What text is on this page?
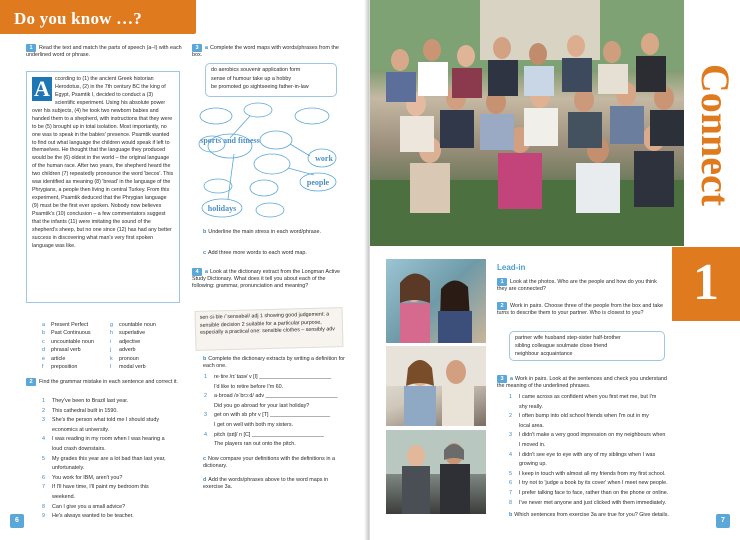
Do you know …?
1 Read the text and match the parts of speech (a–l) with each underlined word or phrase.
A ccording to (1) the ancient Greek historian Herodotus, (2) in the 7th century BC the king of Egypt, Psamtik I, decided to conduct a (3) scientific experiment. Using his absolute power over his subjects, (4) he took two newborn babies and handed them to a shepherd, with instructions that they were to be (5) brought up in total isolation. Most importantly, no one was to speak in the babies' presence. Psamtik wanted to find out what language the children would speak if left to themselves. He thought that the language they produced would be the (6) oldest in the world – the original language of the human race. After two years, the shepherd heard the two children (7) repeatedly pronounce the word 'becos'. This was identified as meaning (8) 'bread' in the language of the Phrygians, a people then living in central Turkey. From this experiment, Psamtik deduced that the Phrygian language (9) must be the first ever spoken. Nobody now believes Psamtik's (10) conclusion – a few commentators suggest that the infants (11) were imitating the sound of the shepherd's sheep, but no one since (12) has had any better success in discovering what man's very first spoken language was like.

a Present Perfect	g countable noun
b Past Continuous	h superlative
c uncountable noun	i adjective
d phrasal verb	j adverb
e article	k pronoun
f preposition	l modal verb
2 Find the grammar mistake in each sentence and correct it.
1 They've been to Brazil last year.
2 This cathedral built in 1590.
3 She's the person what told me I should study
economics at university.
4 I was reading in my room when I was hearing a
loud crash downstairs.
5 My grades this year are a lot bad than last year,
unfortunately.
6 You work for IBM, aren't you?
7 If I'll have time, I'll paint my bedroom this
weekend.
8 Can I give you a small advice?
9 He's always wanted to be teacher.
6
3 a Complete the word maps with words/phrases from the box.
do aerobics souvenir application form
sense of humour take up a hobby
be promoted go sightseeing father-in-law
sports and fitness
work
people
holidays
b Underline the main stress in each word/phrase.
c Add three more words to each word map.
4 a Look at the dictionary extract from the Longman Active Study Dictionary. What does it tell you about each of the following: grammar, pronunciation and meaning?
sen·si·ble /ˈsensəbəl/ adj 1 showing good judgement: a sensible decision 2 suitable for a particular purpose, especially a practical one: sensible clothes – sensibly adv
b Complete the dictionary extracts by writing a definition for each one.
1 re·tire /rɪˈtaɪə/ v [I] ________________________
I'd like to retire before I'm 60.
2 a·broad /əˈbrɔːd/ adv ________________________
Did you go abroad for your last holiday?
3 get on with sb phr v [T] ____________________
I get on well with both my sisters.
4 pitch /pɪtʃ/ n [C] ________________________
The players ran out onto the pitch.
c Now compare your definitions with the definitions in a dictionary.
d Add the words/phrases above to the word maps in exercise 3a.
Connect
1
Lead-in
1 Look at the photos. Who are the people and how do you think they are connected?
2 Work in pairs. Choose three of the people from the box and take turns to describe them to your partner. Who is closest to you?
partner wife husband step-sister half-brother
sibling colleague soulmate close friend
neighbour acquaintance
3 a Work in pairs. Look at the sentences and check you understand the meaning of the underlined phrases.
1 I came across as confident when you first met me, but I'm
shy really.
2 I often bump into old school friends when I'm out in my
local area.
3 I didn't make a very good impression on my neighbours when
I moved in.
4 I didn't see eye to eye with any of my siblings when I was
growing up.
5 I keep in touch with almost all my friends from my first school.
6 I try not to 'judge a book by its cover' when I meet new people.
7 I prefer talking face to face, rather than on the phone or online.
8 I've never met anyone and just clicked with them immediately.
b Which sentences from exercise 3a are true for you? Give details.
7
